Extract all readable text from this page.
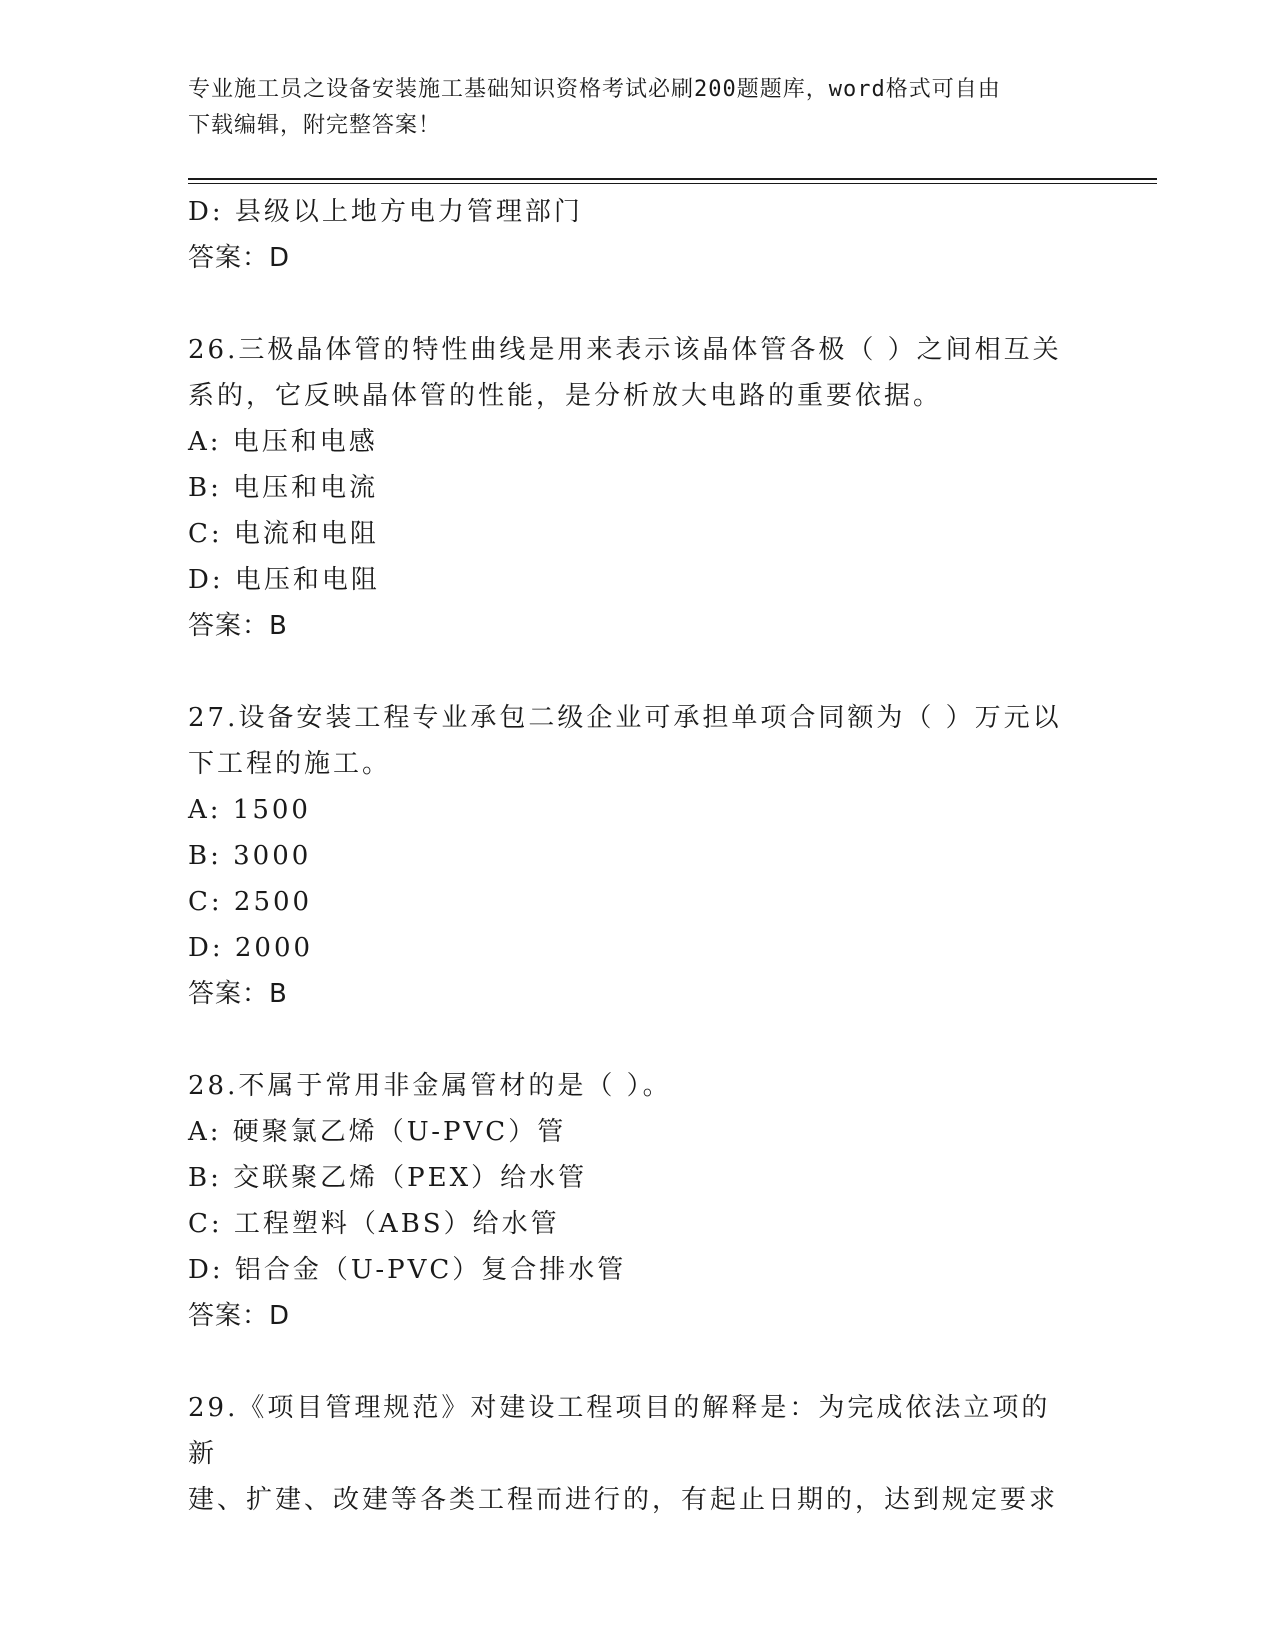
专业施工员之设备安装施工基础知识资格考试必刷200题题库，word格式可自由
下载编辑，附完整答案！
D: 县级以上地方电力管理部门
答案：D
26.三极晶体管的特性曲线是用来表示该晶体管各极（ ）之间相互关
系的，它反映晶体管的性能，是分析放大电路的重要依据。
A: 电压和电感
B: 电压和电流
C: 电流和电阻
D: 电压和电阻
答案：B
27.设备安装工程专业承包二级企业可承担单项合同额为（ ）万元以
下工程的施工。
A: 1500
B: 3000
C: 2500
D: 2000
答案：B
28.不属于常用非金属管材的是（ ）。
A: 硬聚氯乙烯（U-PVC）管
B: 交联聚乙烯（PEX）给水管
C: 工程塑料（ABS）给水管
D: 铝合金（U-PVC）复合排水管
答案：D
29.《项目管理规范》对建设工程项目的解释是：为完成依法立项的新
建、扩建、改建等各类工程而进行的，有起止日期的，达到规定要求
